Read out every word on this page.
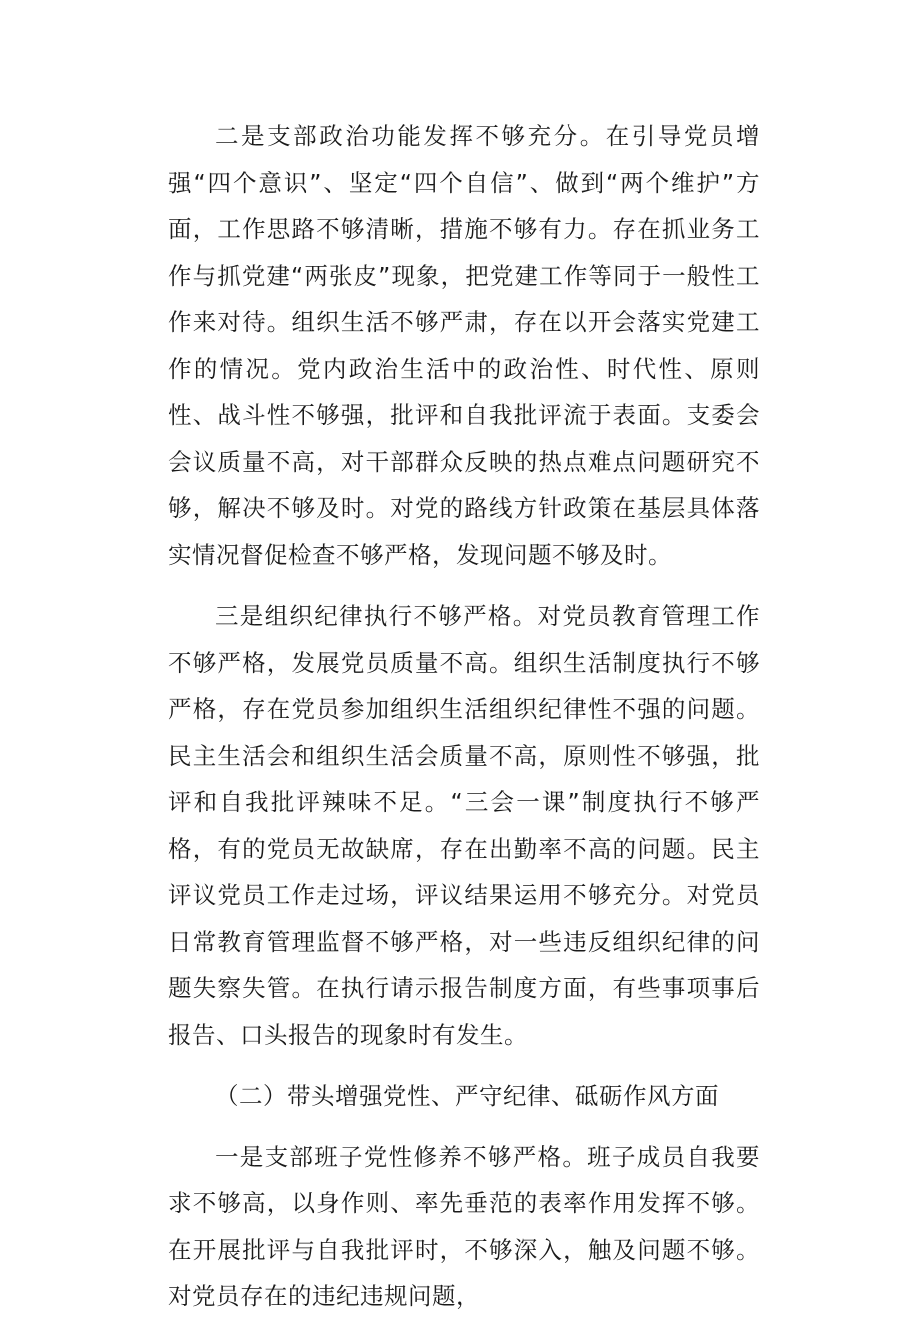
二是支部政治功能发挥不够充分。在引导党员增强“四个意识”、坚定“四个自信”、做到“两个维护”方面，工作思路不够清晰，措施不够有力。存在抓业务工作与抓党建“两张皮”现象，把党建工作等同于一般性工作来对待。组织生活不够严肃，存在以开会落实党建工作的情况。党内政治生活中的政治性、时代性、原则性、战斗性不够强，批评和自我批评流于表面。支委会会议质量不高，对干部群众反映的热点难点问题研究不够，解决不够及时。对党的路线方针政策在基层具体落实情况督促检查不够严格，发现问题不够及时。

三是组织纪律执行不够严格。对党员教育管理工作不够严格，发展党员质量不高。组织生活制度执行不够严格，存在党员参加组织生活组织纪律性不强的问题。民主生活会和组织生活会质量不高，原则性不够强，批评和自我批评辣味不足。“三会一课”制度执行不够严格，有的党员无故缺席，存在出勤率不高的问题。民主评议党员工作走过场，评议结果运用不够充分。对党员日常教育管理监督不够严格，对一些违反组织纪律的问题失察失管。在执行请示报告制度方面，有些事项事后报告、口头报告的现象时有发生。

（二）带头增强党性、严守纪律、砥砺作风方面

一是支部班子党性修养不够严格。班子成员自我要求不够高，以身作则、率先垂范的表率作用发挥不够。在开展批评与自我批评时，不够深入，触及问题不够。对党员存在的违纪违规问题，
